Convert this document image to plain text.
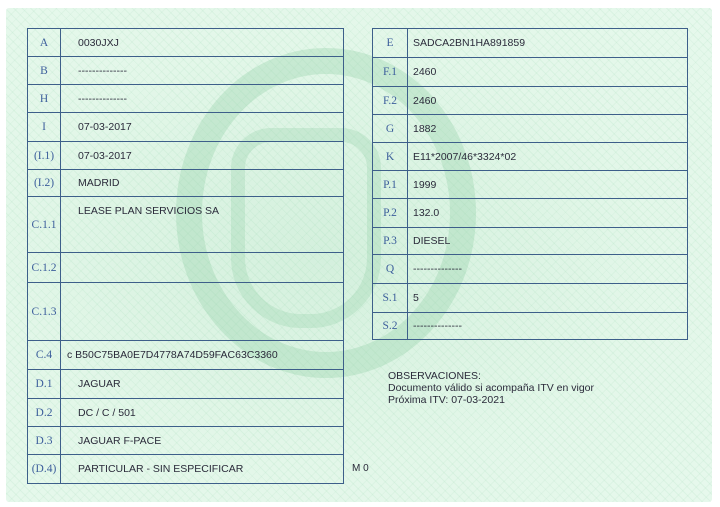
A	0030JXJ
B	--------------
H	--------------
I	07-03-2017
(I.1)	07-03-2017
(I.2)	MADRID
C.1.1	LEASE PLAN SERVICIOS SA
C.1.2	
C.1.3	
C.4	c B50C75BA0E7D4778A74D59FAC63C3360
D.1	JAGUAR
D.2	DC / C / 501
D.3	JAGUAR F-PACE
(D.4)	PARTICULAR - SIN ESPECIFICAR
E	SADCA2BN1HA891859
F.1	2460
F.2	2460
G	1882
K	E11*2007/46*3324*02
P.1	1999
P.2	132.0
P.3	DIESEL
Q	--------------
S.1	5
S.2	--------------
OBSERVACIONES:
Documento válido si acompaña ITV en vigor
Próxima ITV: 07-03-2021
M 0
